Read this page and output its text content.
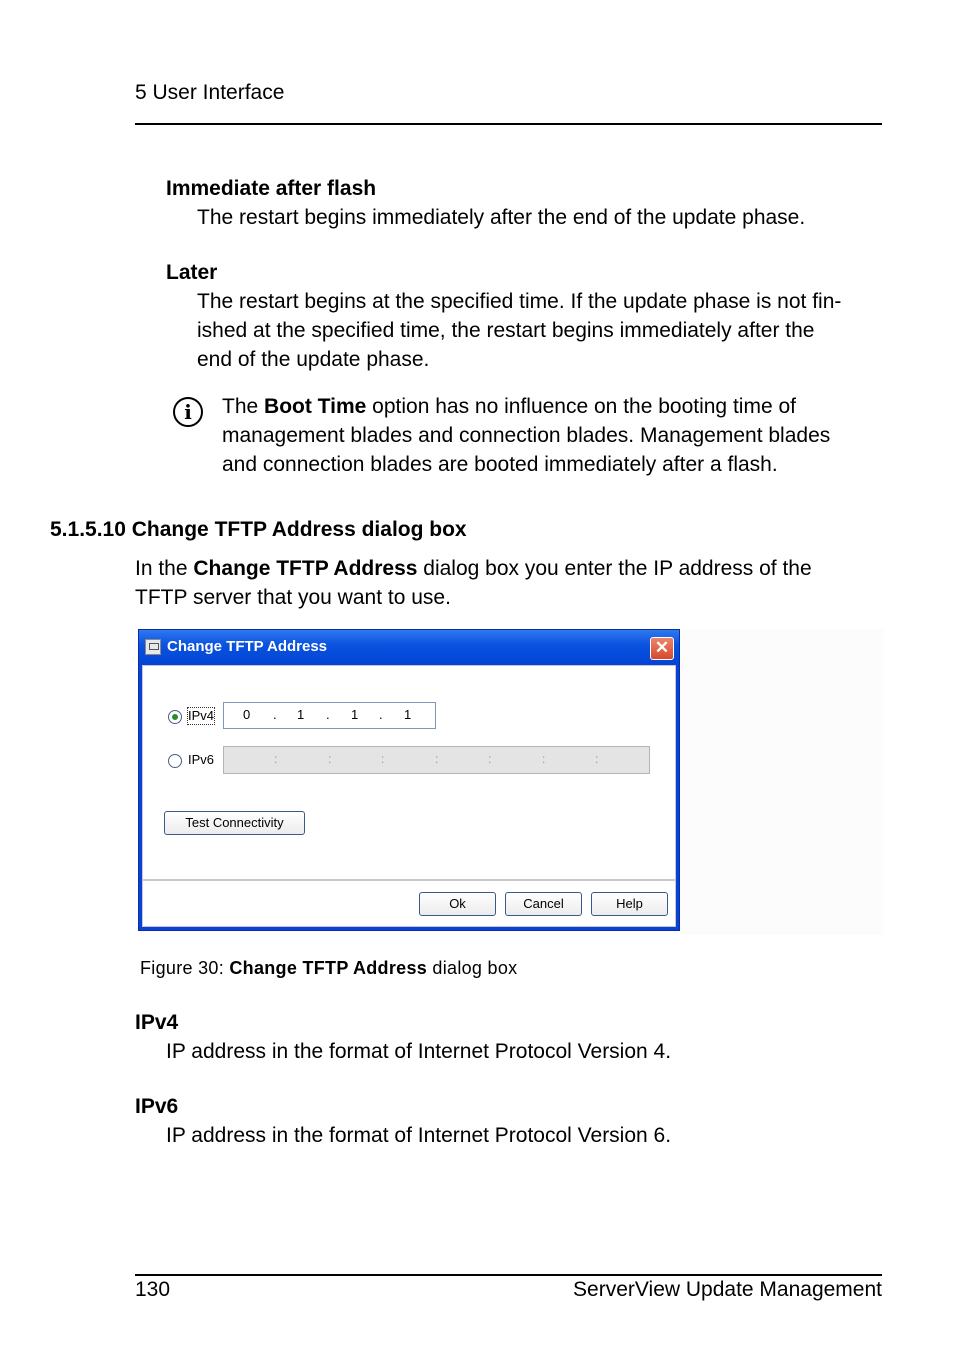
5 User Interface
Immediate after flash
The restart begins immediately after the end of the update phase.
Later
The restart begins at the specified time. If the update phase is not fin-
ished at the specified time, the restart begins immediately after the
end of the update phase.
i	The Boot Time option has no influence on the booting time of
management blades and connection blades. Management blades
and connection blades are booted immediately after a flash.
5.1.5.10 Change TFTP Address dialog box
In the Change TFTP Address dialog box you enter the IP address of the
TFTP server that you want to use.
Change TFTP Address	✕
IPv4 0 . 1 . 1 . 1
IPv6	:	:	:	:	:	:	:
Test Connectivity
Ok	Cancel	Help
Figure 30: Change TFTP Address dialog box
IPv4
IP address in the format of Internet Protocol Version 4.
IPv6
IP address in the format of Internet Protocol Version 6.
130	ServerView Update Management
